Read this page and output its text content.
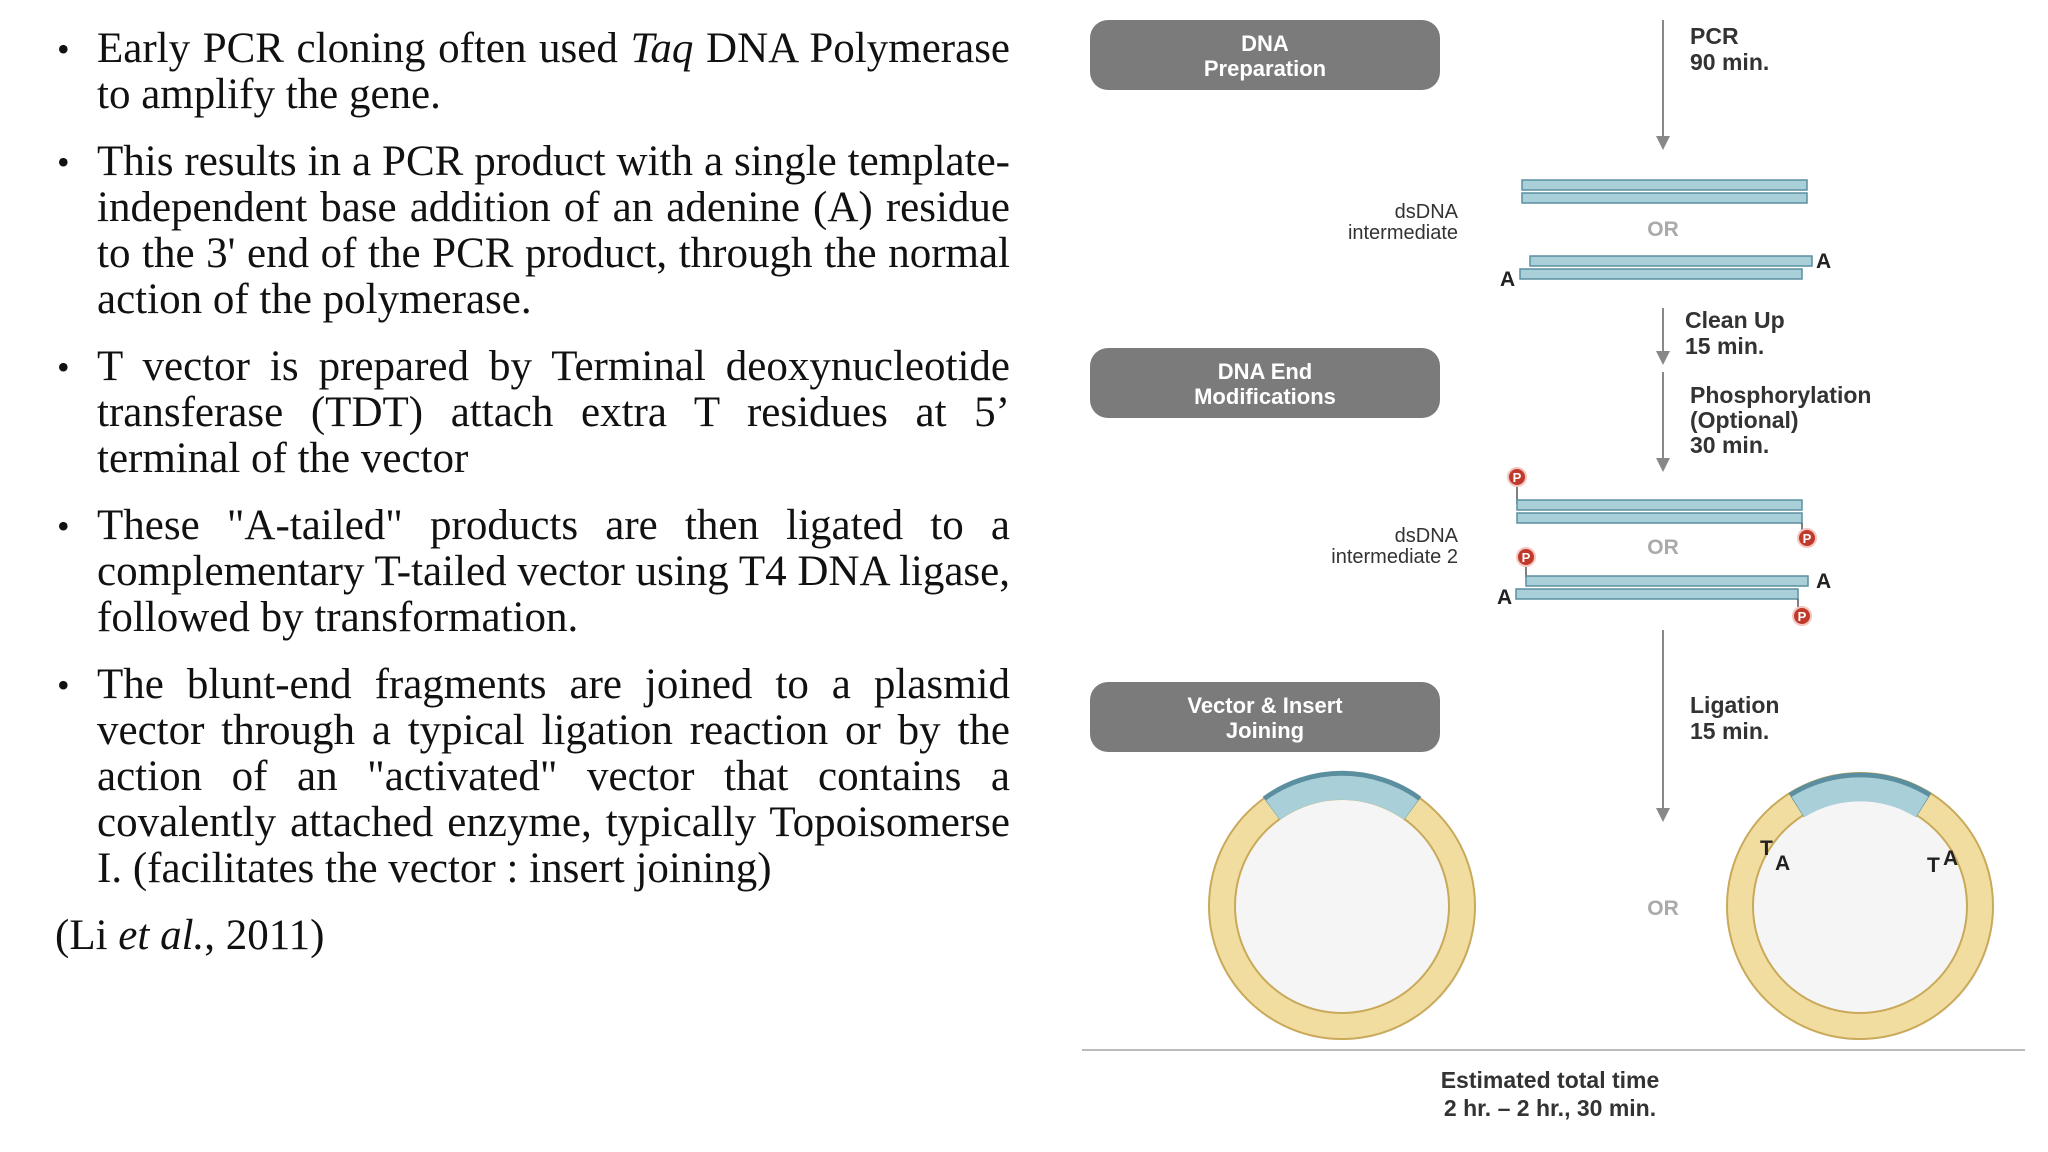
• Early PCR cloning often used Taq DNA Polymerase to amplify the gene.
• This results in a PCR product with a single template-independent base addition of an adenine (A) residue to the 3' end of the PCR product, through the normal action of the polymerase.
• T vector is prepared by Terminal deoxynucleotide transferase (TDT) attach extra T residues at 5’ terminal of the vector
• These "A-tailed" products are then ligated to a complementary T-tailed vector using T4 DNA ligase, followed by transformation.
• The blunt-end fragments are joined to a plasmid vector through a typical ligation reaction or by the action of an "activated" vector that contains a covalently attached enzyme, typically Topoisomerse I. (facilitates the vector : insert joining)
(Li et al., 2011)
DNA
Preparation
DNA End
Modifications
Vector & Insert
Joining
PCR
90 min.
Clean Up
15 min.
Phosphorylation
(Optional)
30 min.
Ligation
15 min.
dsDNA
intermediate	OR
A
A
dsDNA
intermediate 2
P
P
OR
P
P
A
A
OR
T
A	A
T
Estimated total time
2 hr. – 2 hr., 30 min.
